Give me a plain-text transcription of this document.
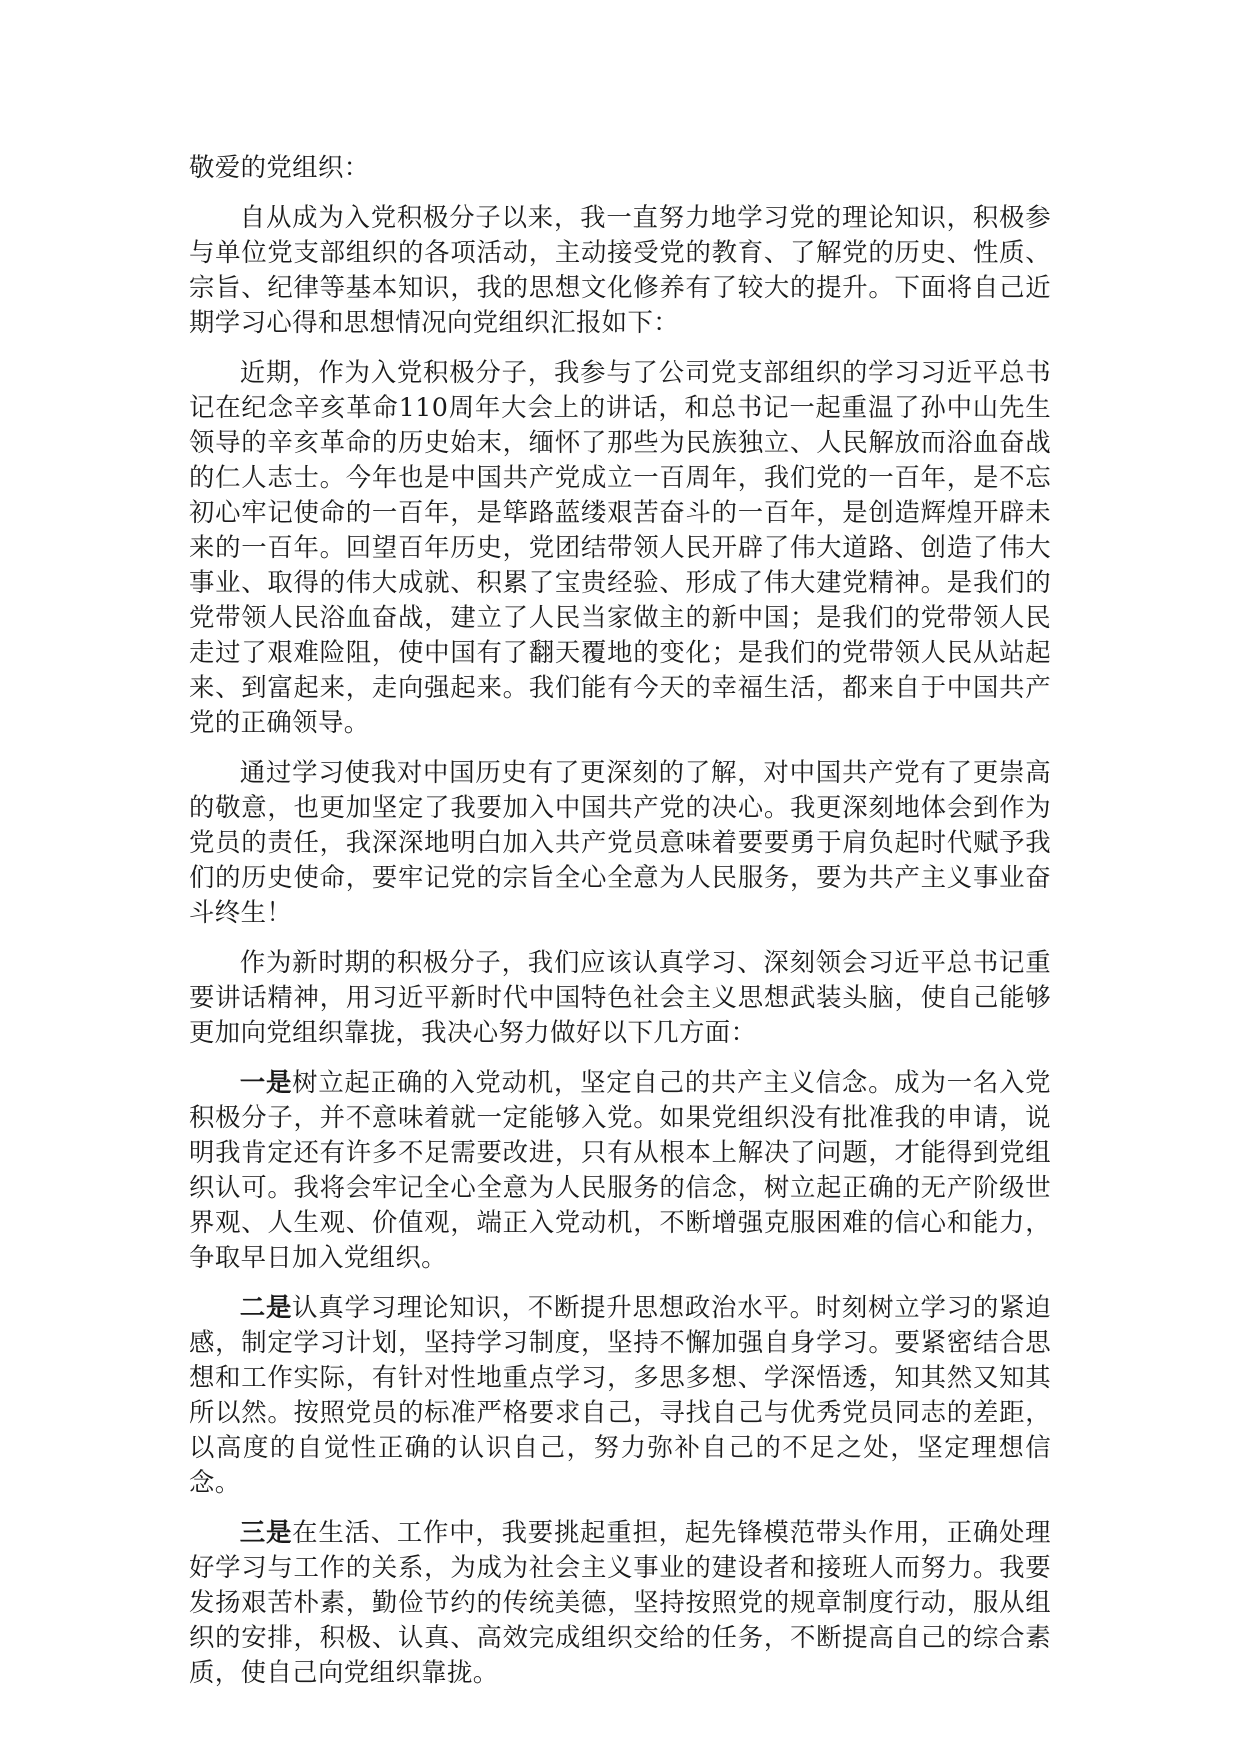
敬爱的党组织：

自从成为入党积极分子以来，我一直努力地学习党的理论知识，积极参与单位党支部组织的各项活动，主动接受党的教育、了解党的历史、性质、宗旨、纪律等基本知识，我的思想文化修养有了较大的提升。下面将自己近期学习心得和思想情况向党组织汇报如下：

近期，作为入党积极分子，我参与了公司党支部组织的学习习近平总书记在纪念辛亥革命110周年大会上的讲话，和总书记一起重温了孙中山先生领导的辛亥革命的历史始末，缅怀了那些为民族独立、人民解放而浴血奋战的仁人志士。今年也是中国共产党成立一百周年，我们党的一百年，是不忘初心牢记使命的一百年，是筚路蓝缕艰苦奋斗的一百年，是创造辉煌开辟未来的一百年。回望百年历史，党团结带领人民开辟了伟大道路、创造了伟大事业、取得的伟大成就、积累了宝贵经验、形成了伟大建党精神。是我们的党带领人民浴血奋战，建立了人民当家做主的新中国；是我们的党带领人民走过了艰难险阻，使中国有了翻天覆地的变化；是我们的党带领人民从站起来、到富起来，走向强起来。我们能有今天的幸福生活，都来自于中国共产党的正确领导。

通过学习使我对中国历史有了更深刻的了解，对中国共产党有了更崇高的敬意，也更加坚定了我要加入中国共产党的决心。我更深刻地体会到作为党员的责任，我深深地明白加入共产党员意味着要要勇于肩负起时代赋予我们的历史使命，要牢记党的宗旨全心全意为人民服务，要为共产主义事业奋斗终生！

作为新时期的积极分子，我们应该认真学习、深刻领会习近平总书记重要讲话精神，用习近平新时代中国特色社会主义思想武装头脑，使自己能够更加向党组织靠拢，我决心努力做好以下几方面：

一是树立起正确的入党动机，坚定自己的共产主义信念。成为一名入党积极分子，并不意味着就一定能够入党。如果党组织没有批准我的申请，说明我肯定还有许多不足需要改进，只有从根本上解决了问题，才能得到党组织认可。我将会牢记全心全意为人民服务的信念，树立起正确的无产阶级世界观、人生观、价值观，端正入党动机，不断增强克服困难的信心和能力，争取早日加入党组织。

二是认真学习理论知识，不断提升思想政治水平。时刻树立学习的紧迫感，制定学习计划，坚持学习制度，坚持不懈加强自身学习。要紧密结合思想和工作实际，有针对性地重点学习，多思多想、学深悟透，知其然又知其所以然。按照党员的标准严格要求自己，寻找自己与优秀党员同志的差距，以高度的自觉性正确的认识自己，努力弥补自己的不足之处，坚定理想信念。

三是在生活、工作中，我要挑起重担，起先锋模范带头作用，正确处理好学习与工作的关系，为成为社会主义事业的建设者和接班人而努力。我要发扬艰苦朴素，勤俭节约的传统美德，坚持按照党的规章制度行动，服从组织的安排，积极、认真、高效完成组织交给的任务，不断提高自己的综合素质，使自己向党组织靠拢。
